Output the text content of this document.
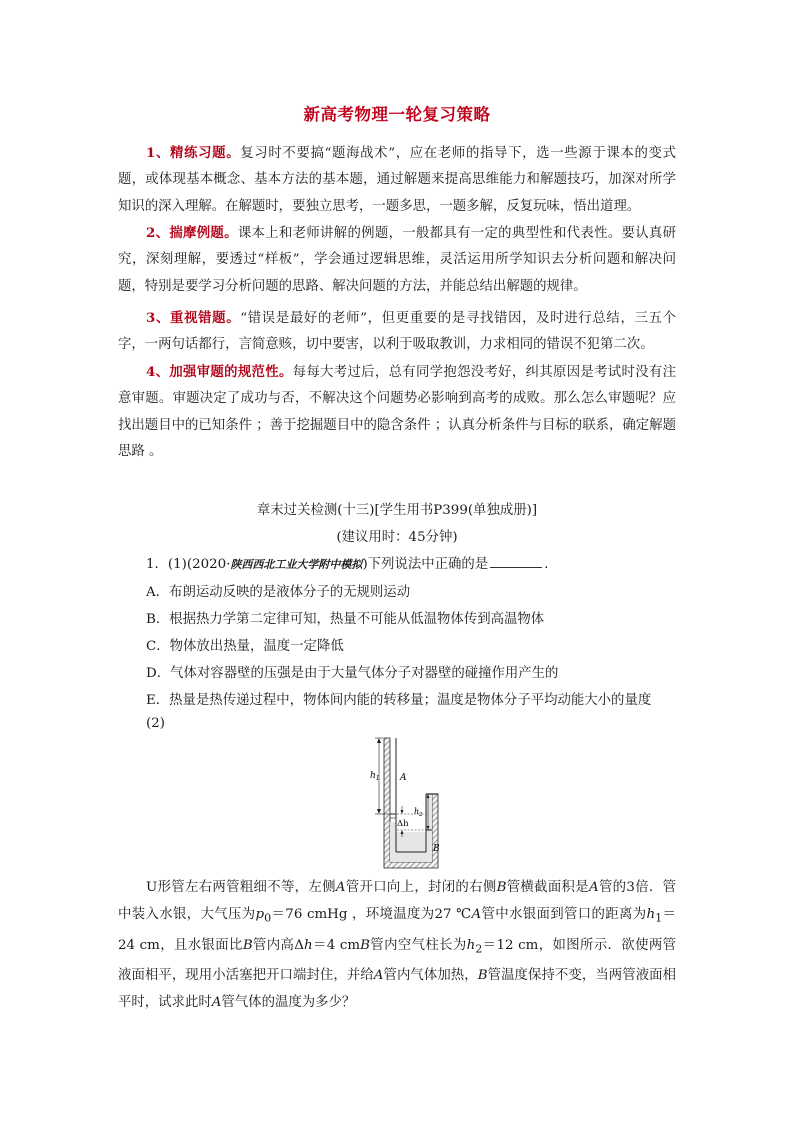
新高考物理一轮复习策略
1、精练习题。复习时不要搞“题海战术”，应在老师的指导下，选一些源于课本的变式题，或体现基本概念、基本方法的基本题，通过解题来提高思维能力和解题技巧，加深对所学知识的深入理解。在解题时，要独立思考，一题多思，一题多解，反复玩味，悟出道理。
2、揣摩例题。课本上和老师讲解的例题，一般都具有一定的典型性和代表性。要认真研究，深刻理解，要透过“样板”，学会通过逻辑思维，灵活运用所学知识去分析问题和解决问题，特别是要学习分析问题的思路、解决问题的方法，并能总结出解题的规律。
3、重视错题。“错误是最好的老师”，但更重要的是寻找错因，及时进行总结，三五个字，一两句话都行，言简意赅，切中要害，以利于吸取教训，力求相同的错误不犯第二次。
4、加强审题的规范性。每每大考过后，总有同学抱怨没考好，纠其原因是考试时没有注意审题。审题决定了成功与否，不解决这个问题势必影响到高考的成败。那么怎么审题呢？应找出题目中的已知条件 ；善于挖掘题目中的隐含条件 ；认真分析条件与目标的联系，确定解题思路 。
章末过关检测(十三)[学生用书P399(单独成册)]
(建议用时：45分钟)
1．(1)(2020·陕西西北工业大学附中模拟)下列说法中正确的是	．
A．布朗运动反映的是液体分子的无规则运动
B．根据热力学第二定律可知，热量不可能从低温物体传到高温物体
C．物体放出热量，温度一定降低
D．气体对容器壁的压强是由于大量气体分子对器壁的碰撞作用产生的
E．热量是热传递过程中，物体间内能的转移量；温度是物体分子平均动能大小的量度
(2)
$h_1$ A
Δh
$h_2$
B
U形管左右两管粗细不等，左侧A管开口向上，封闭的右侧B管横截面积是A管的3倍．管中装入水银，大气压为$p_0=76$ cmHg ，环境温度为27 ℃A管中水银面到管口的距离为$h_1=24$ cm，且水银面比B管内高Δh＝4 cmB管内空气柱长为$h_2=12$ cm，如图所示．欲使两管液面相平，现用小活塞把开口端封住，并给A管内气体加热，B管温度保持不变，当两管液面相平时，试求此时A管气体的温度为多少？
